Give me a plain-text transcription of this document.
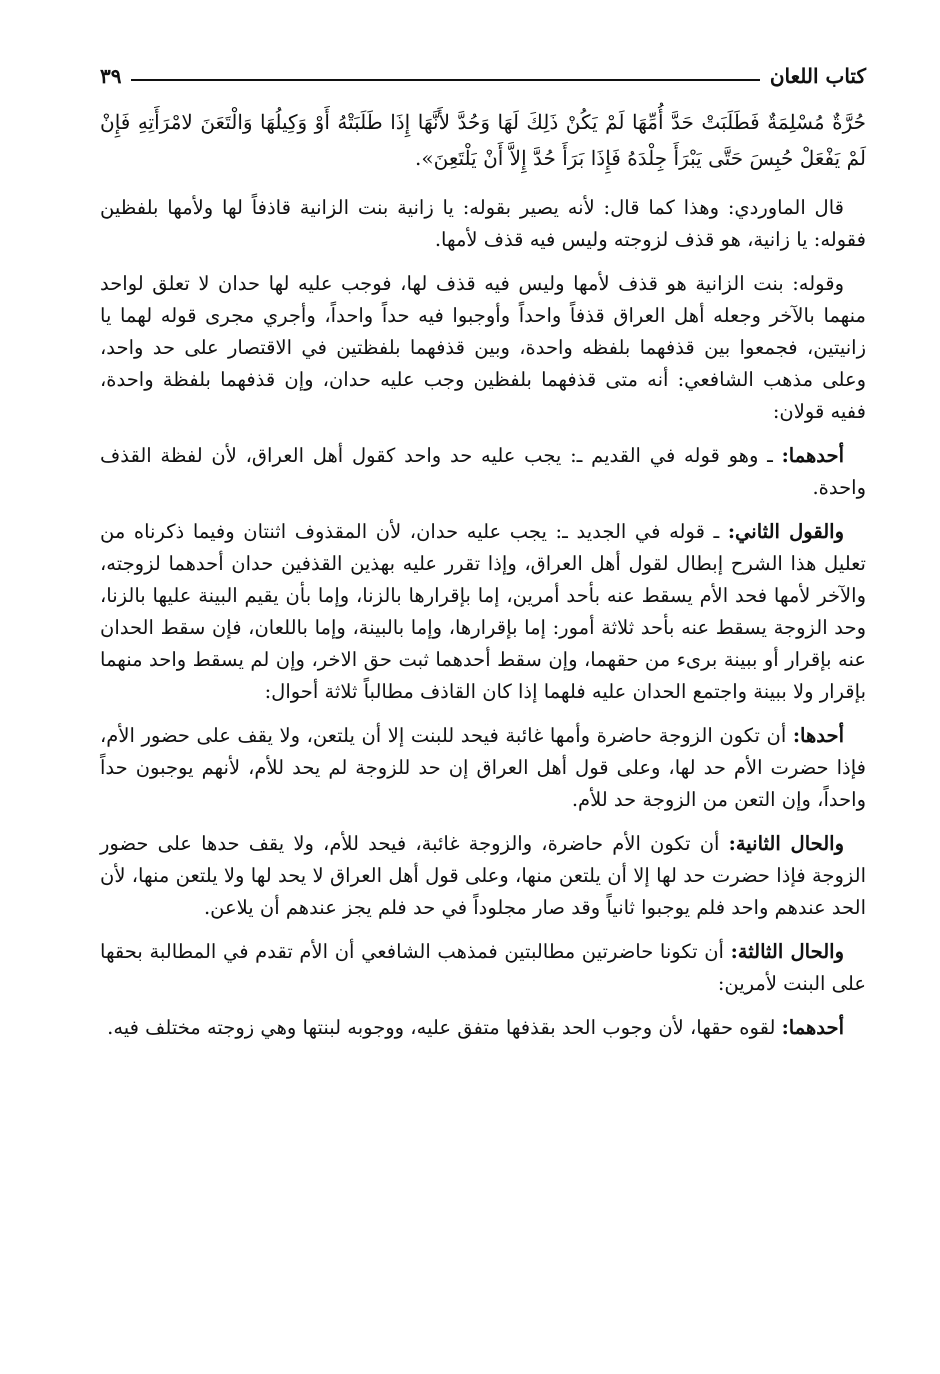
كتاب اللعان
٣٩

حُرَّةٌ مُسْلِمَةٌ فَطَلَبَتْ حَدَّ أُمِّهَا لَمْ يَكُنْ ذَلِكَ لَهَا وَحُدَّ لأَنَّهَا إِذَا طَلَبَتْهُ أَوْ وَكِيلُهَا وَالْتَعَنَ لامْرَأَتِهِ فَإِنْ لَمْ يَفْعَلْ حُبِسَ حَتَّى يَبْرَأَ جِلْدَهُ فَإِذَا بَرَأَ حُدَّ إِلاَّ أَنْ يَلْتَعِنَ».

قال الماوردي: وهذا كما قال: لأنه يصير بقوله: يا زانية بنت الزانية قاذفاً لها ولأمها بلفظين فقوله: يا زانية، هو قذف لزوجته وليس فيه قذف لأمها.

وقوله: بنت الزانية هو قذف لأمها وليس فيه قذف لها، فوجب عليه لها حدان لا تعلق لواحد منهما بالآخر وجعله أهل العراق قذفاً واحداً وأوجبوا فيه حداً واحداً، وأجري مجرى قوله لهما يا زانيتين، فجمعوا بين قذفهما بلفظه واحدة، وبين قذفهما بلفظتين في الاقتصار على حد واحد، وعلى مذهب الشافعي: أنه متى قذفهما بلفظين وجب عليه حدان، وإن قذفهما بلفظة واحدة، ففيه قولان:

أحدهما: ـ وهو قوله في القديم ـ: يجب عليه حد واحد كقول أهل العراق، لأن لفظة القذف واحدة.

والقول الثاني: ـ قوله في الجديد ـ: يجب عليه حدان، لأن المقذوف اثنتان وفيما ذكرناه من تعليل هذا الشرح إبطال لقول أهل العراق، وإذا تقرر عليه بهذين القذفين حدان أحدهما لزوجته، والآخر لأمها فحد الأم يسقط عنه بأحد أمرين، إما بإقرارها بالزنا، وإما بأن يقيم البينة عليها بالزنا، وحد الزوجة يسقط عنه بأحد ثلاثة أمور: إما بإقرارها، وإما بالبينة، وإما باللعان، فإن سقط الحدان عنه بإقرار أو ببينة برىء من حقهما، وإن سقط أحدهما ثبت حق الاخر، وإن لم يسقط واحد منهما بإقرار ولا ببينة واجتمع الحدان عليه فلهما إذا كان القاذف مطالباً ثلاثة أحوال:

أحدها: أن تكون الزوجة حاضرة وأمها غائبة فيحد للبنت إلا أن يلتعن، ولا يقف على حضور الأم، فإذا حضرت الأم حد لها، وعلى قول أهل العراق إن حد للزوجة لم يحد للأم، لأنهم يوجبون حداً واحداً، وإن التعن من الزوجة حد للأم.

والحال الثانية: أن تكون الأم حاضرة، والزوجة غائبة، فيحد للأم، ولا يقف حدها على حضور الزوجة فإذا حضرت حد لها إلا أن يلتعن منها، وعلى قول أهل العراق لا يحد لها ولا يلتعن منها، لأن الحد عندهم واحد فلم يوجبوا ثانياً وقد صار مجلوداً في حد فلم يجز عندهم أن يلاعن.

والحال الثالثة: أن تكونا حاضرتين مطالبتين فمذهب الشافعي أن الأم تقدم في المطالبة بحقها على البنت لأمرين:

أحدهما: لقوه حقها، لأن وجوب الحد بقذفها متفق عليه، ووجوبه لبنتها وهي زوجته مختلف فيه.
